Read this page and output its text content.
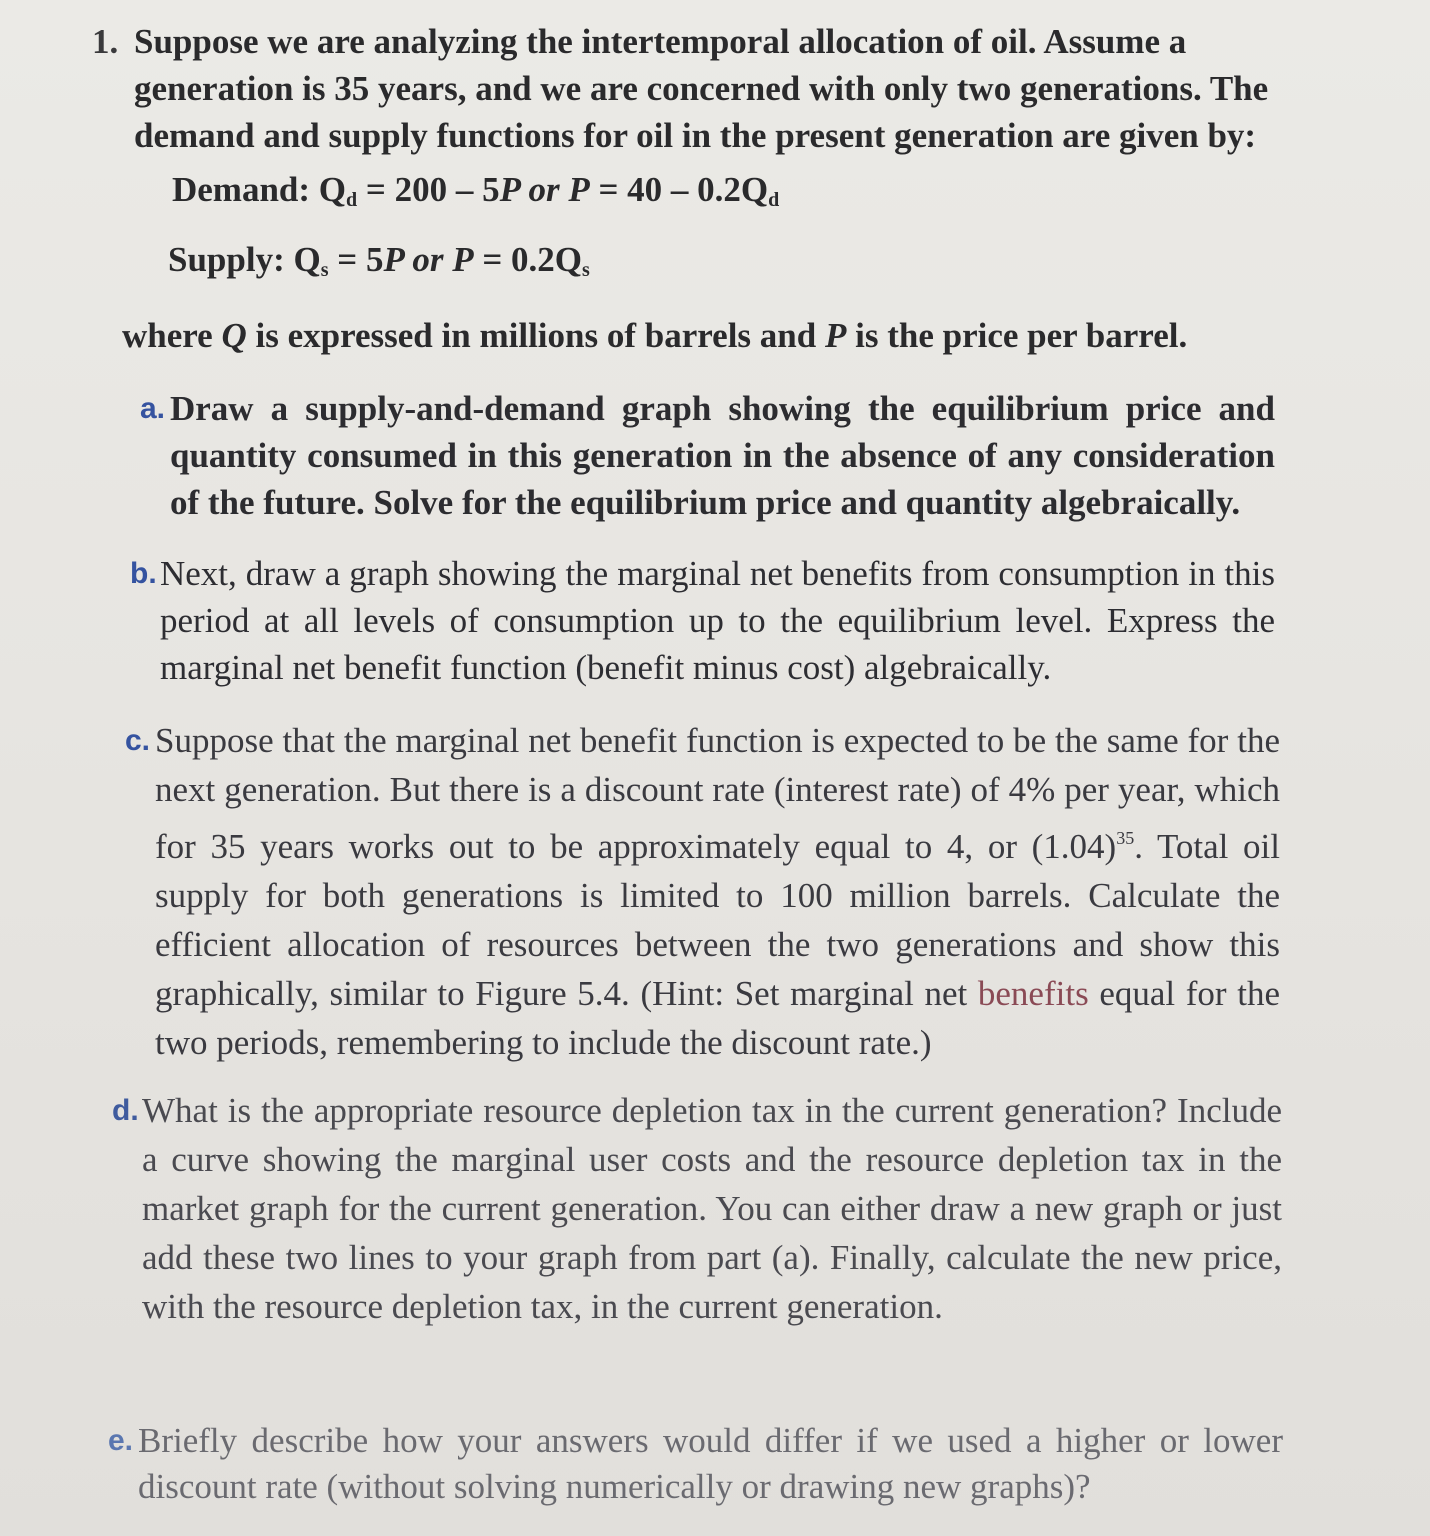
1. Suppose we are analyzing the intertemporal allocation of oil. Assume a generation is 35 years, and we are concerned with only two generations. The demand and supply functions for oil in the present generation are given by:
Demand: $Q_d = 200 - 5P$ or $P = 40 - 0.2Q_d$
Supply: $Q_s = 5P$ or $P = 0.2Q_s$
where Q is expressed in millions of barrels and P is the price per barrel.
a. Draw a supply-and-demand graph showing the equilibrium price and quantity consumed in this generation in the absence of any consideration of the future. Solve for the equilibrium price and quantity algebraically.
b. Next, draw a graph showing the marginal net benefits from consumption in this period at all levels of consumption up to the equilibrium level. Express the marginal net benefit function (benefit minus cost) algebraically.
c. Suppose that the marginal net benefit function is expected to be the same for the next generation. But there is a discount rate (interest rate) of 4% per year, which for 35 years works out to be approximately equal to 4, or $(1.04)^{35}$. Total oil supply for both generations is limited to 100 million barrels. Calculate the efficient allocation of resources between the two generations and show this graphically, similar to Figure 5.4. (Hint: Set marginal net benefits equal for the two periods, remembering to include the discount rate.)
d. What is the appropriate resource depletion tax in the current generation? Include a curve showing the marginal user costs and the resource depletion tax in the market graph for the current generation. You can either draw a new graph or just add these two lines to your graph from part (a). Finally, calculate the new price, with the resource depletion tax, in the current generation.
e. Briefly describe how your answers would differ if we used a higher or lower discount rate (without solving numerically or drawing new graphs)?
